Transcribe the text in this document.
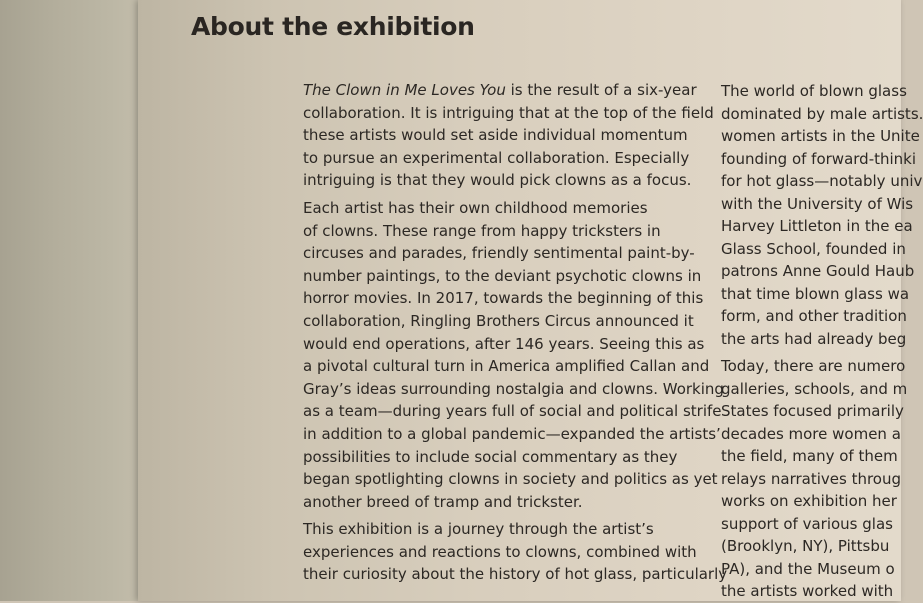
About the exhibition
The Clown in Me Loves You is the result of a six-year
collaboration. It is intriguing that at the top of the field
these artists would set aside individual momentum
to pursue an experimental collaboration. Especially
intriguing is that they would pick clowns as a focus.
Each artist has their own childhood memories
of clowns. These range from happy tricksters in
circuses and parades, friendly sentimental paint-by-
number paintings, to the deviant psychotic clowns in
horror movies. In 2017, towards the beginning of this
collaboration, Ringling Brothers Circus announced it
would end operations, after 146 years. Seeing this as
a pivotal cultural turn in America amplified Callan and
Gray’s ideas surrounding nostalgia and clowns. Working
as a team—during years full of social and political strife
in addition to a global pandemic—expanded the artists’
possibilities to include social commentary as they
began spotlighting clowns in society and politics as yet
another breed of tramp and trickster.
This exhibition is a journey through the artist’s
experiences and reactions to clowns, combined with
their curiosity about the history of hot glass, particularly
The world of blown glass
dominated by male artists.
women artists in the Unite
founding of forward-thinki
for hot glass—notably univ
with the University of Wis
Harvey Littleton in the ea
Glass School, founded in
patrons Anne Gould Haub
that time blown glass wa
form, and other tradition
the arts had already beg
Today, there are numero
galleries, schools, and m
States focused primarily
decades more women a
the field, many of them
relays narratives throug
works on exhibition her
support of various glas
(Brooklyn, NY), Pittsbu
PA), and the Museum o
the artists worked with
